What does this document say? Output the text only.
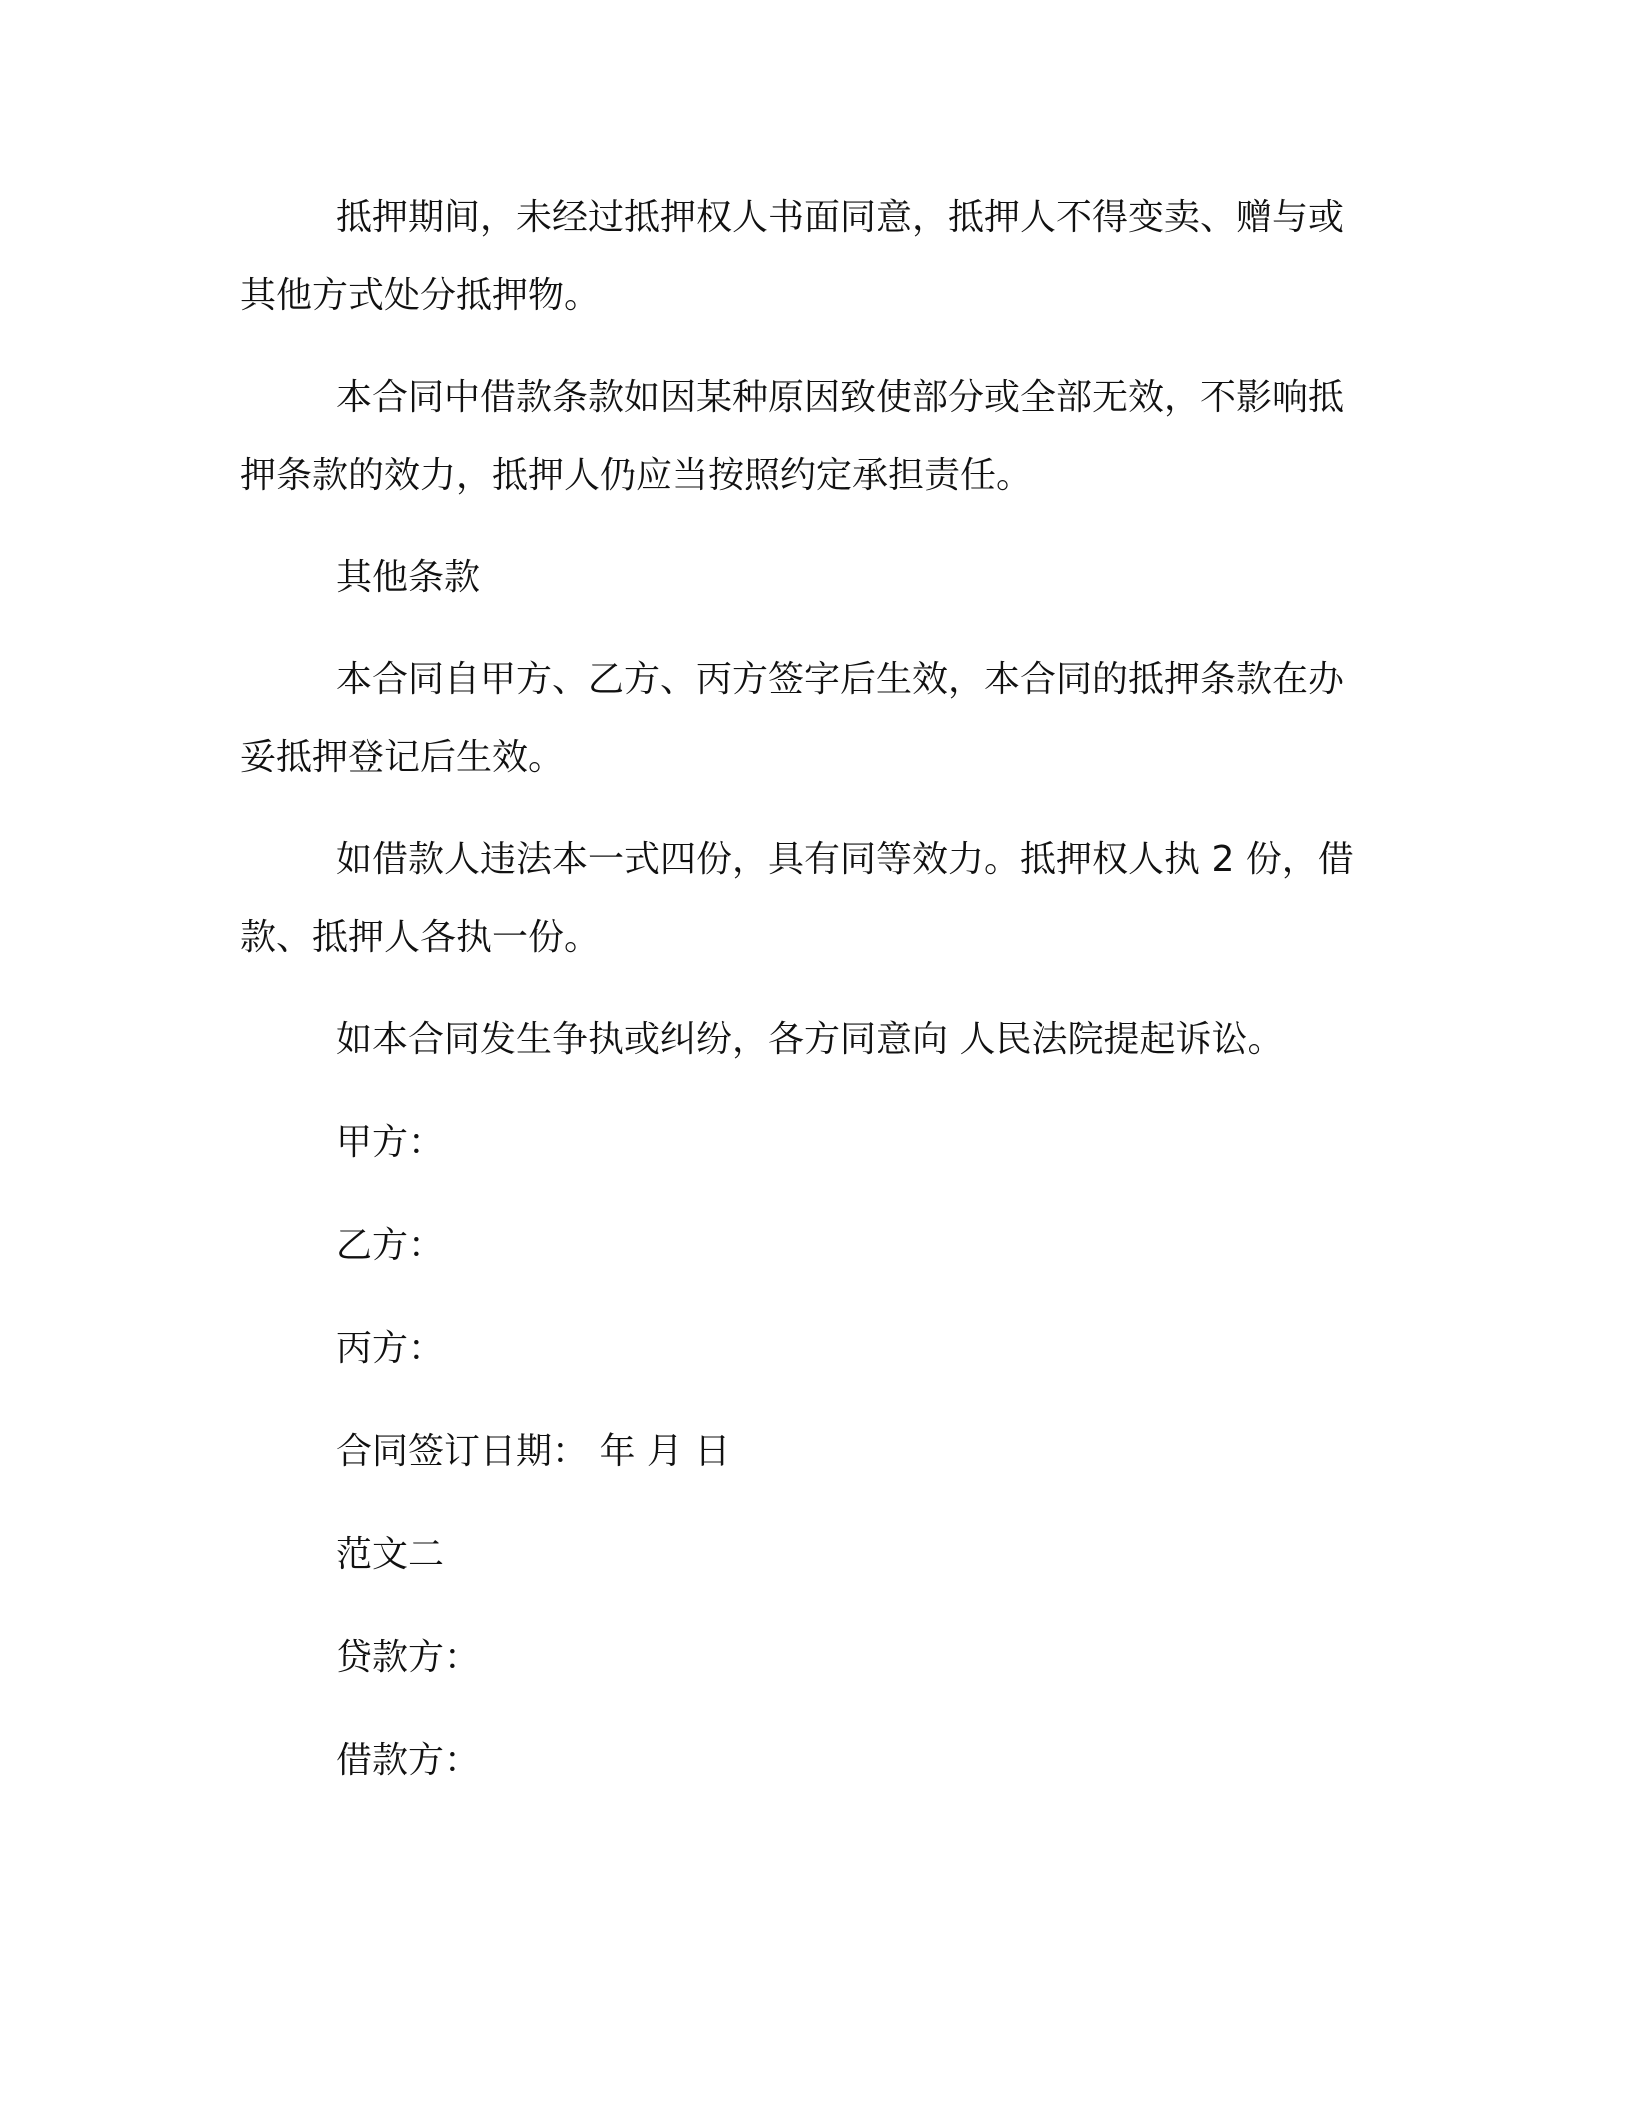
抵押期间，未经过抵押权人书面同意，抵押人不得变卖、赠与或

其他方式处分抵押物。

本合同中借款条款如因某种原因致使部分或全部无效，不影响抵

押条款的效力，抵押人仍应当按照约定承担责任。

其他条款

本合同自甲方、乙方、丙方签字后生效，本合同的抵押条款在办

妥抵押登记后生效。

如借款人违法本一式四份，具有同等效力。抵押权人执 2 份，借

款、抵押人各执一份。

如本合同发生争执或纠纷，各方同意向 人民法院提起诉讼。

甲方：

乙方：

丙方：

合同签订日期： 年 月 日

范文二

贷款方：

借款方：
